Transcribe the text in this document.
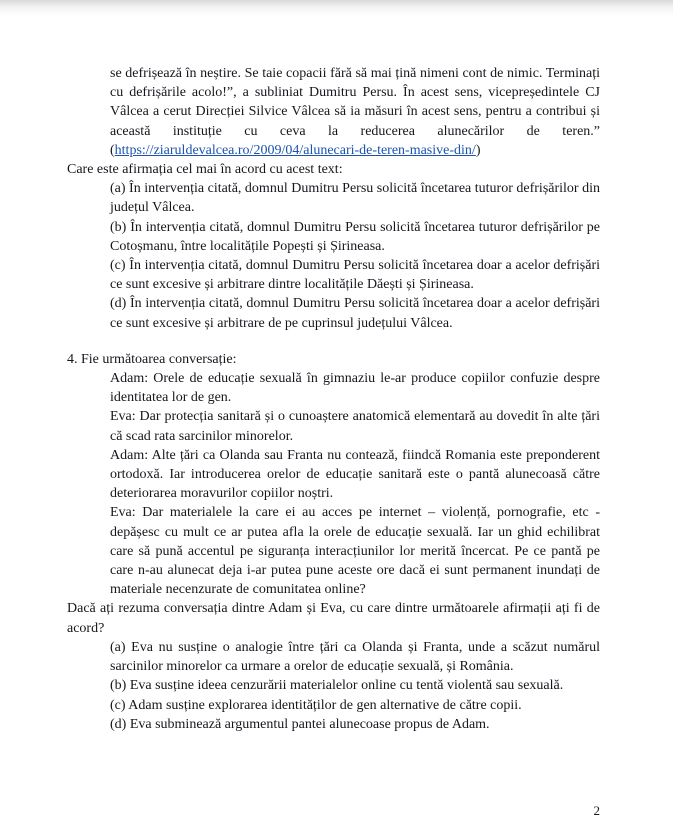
se defrișează în neștire. Se taie copacii fără să mai țină nimeni cont de nimic. Terminați cu defrișările acolo!”, a subliniat Dumitru Persu. În acest sens, vicepreședintele CJ Vâlcea a cerut Direcției Silvice Vâlcea să ia măsuri în acest sens, pentru a contribui și această instituție cu ceva la reducerea alunecărilor de teren.”

(https://ziaruldevalcea.ro/2009/04/alunecari-de-teren-masive-din/)

Care este afirmația cel mai în acord cu acest text:

(a) În intervenția citată, domnul Dumitru Persu solicită încetarea tuturor defrișărilor din județul Vâlcea.

(b) În intervenția citată, domnul Dumitru Persu solicită încetarea tuturor defrișărilor pe Cotoșmanu, între localitățile Popești și Șirineasa.

(c) În intervenția citată, domnul Dumitru Persu solicită încetarea doar a acelor defrișări ce sunt excesive și arbitrare dintre localitățile Dăești și Șirineasa.

(d) În intervenția citată, domnul Dumitru Persu solicită încetarea doar a acelor defrișări ce sunt excesive și arbitrare de pe cuprinsul județului Vâlcea.

4. Fie următoarea conversație:

Adam: Orele de educație sexuală în gimnaziu le-ar produce copiilor confuzie despre identitatea lor de gen.

Eva: Dar protecția sanitară și o cunoaștere anatomică elementară au dovedit în alte țări că scad rata sarcinilor minorelor.

Adam: Alte țări ca Olanda sau Franta nu contează, fiindcă Romania este preponderent ortodoxă. Iar introducerea orelor de educație sanitară este o pantă alunecoasă către deteriorarea moravurilor copiilor noștri.

Eva: Dar materialele la care ei au acces pe internet – violență, pornografie, etc - depășesc cu mult ce ar putea afla la orele de educație sexuală. Iar un ghid echilibrat care să pună accentul pe siguranța interacțiunilor lor merită încercat. Pe ce pantă pe care n-au alunecat deja i-ar putea pune aceste ore dacă ei sunt permanent inundați de materiale necenzurate de comunitatea online?

Dacă ați rezuma conversația dintre Adam și Eva, cu care dintre următoarele afirmații ați fi de acord?

(a) Eva nu susține o analogie între țări ca Olanda și Franta, unde a scăzut numărul sarcinilor minorelor ca urmare a orelor de educație sexuală, și România.

(b) Eva susține ideea cenzurării materialelor online cu tentă violentă sau sexuală.

(c) Adam susține explorarea identităților de gen alternative de către copii.

(d) Eva subminează argumentul pantei alunecoase propus de Adam.

2
